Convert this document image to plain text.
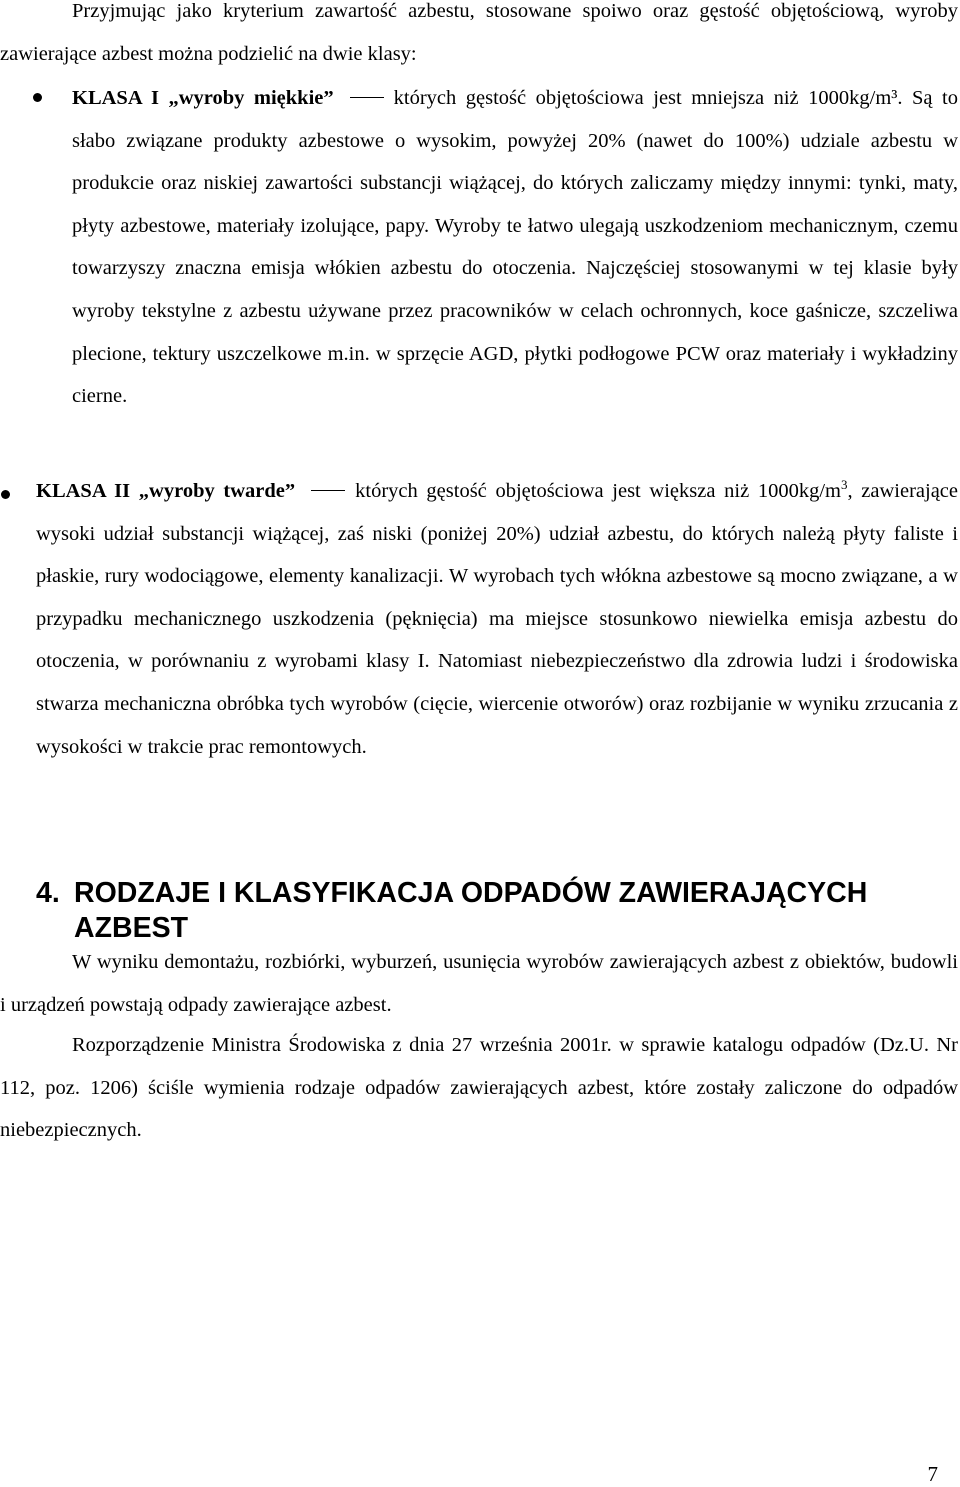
Przyjmując jako kryterium zawartość azbestu, stosowane spoiwo oraz gęstość objętościową, wyroby zawierające azbest można podzielić na dwie klasy:

KLASA I „wyroby miękkie”	których gęstość objętościowa jest mniejsza niż 1000kg/m³. Są to słabo związane produkty azbestowe o wysokim, powyżej 20% (nawet do 100%) udziale azbestu w produkcie oraz niskiej zawartości substancji wiążącej, do których zaliczamy między innymi: tynki, maty, płyty azbestowe, materiały izolujące, papy. Wyroby te łatwo ulegają uszkodzeniom mechanicznym, czemu towarzyszy znaczna emisja włókien azbestu do otoczenia. Najczęściej stosowanymi w tej klasie były wyroby tekstylne z azbestu używane przez pracowników w celach ochronnych, koce gaśnicze, szczeliwa plecione, tektury uszczelkowe m.in. w sprzęcie AGD, płytki podłogowe PCW oraz materiały i wykładziny cierne.

KLASA II „wyroby twarde”	których gęstość objętościowa jest większa niż $1000kg/m^3$, zawierające wysoki udział substancji wiążącej, zaś niski (poniżej 20%) udział azbestu, do których należą płyty faliste i płaskie, rury wodociągowe, elementy kanalizacji. W wyrobach tych włókna azbestowe są mocno związane, a w przypadku mechanicznego uszkodzenia (pęknięcia) ma miejsce stosunkowo niewielka emisja azbestu do otoczenia, w porównaniu z wyrobami klasy I. Natomiast niebezpieczeństwo dla zdrowia ludzi i środowiska stwarza mechaniczna obróbka tych wyrobów (cięcie, wiercenie otworów) oraz rozbijanie w wyniku zrzucania z wysokości w trakcie prac remontowych.

4. RODZAJE I KLASYFIKACJA ODPADÓW ZAWIERAJĄCYCH
AZBEST

W wyniku demontażu, rozbiórki, wyburzeń, usunięcia wyrobów zawierających azbest z obiektów, budowli i urządzeń powstają odpady zawierające azbest.

Rozporządzenie Ministra Środowiska z dnia 27 września 2001r. w sprawie katalogu odpadów (Dz.U. Nr 112, poz. 1206) ściśle wymienia rodzaje odpadów zawierających azbest, które zostały zaliczone do odpadów niebezpiecznych.

7
